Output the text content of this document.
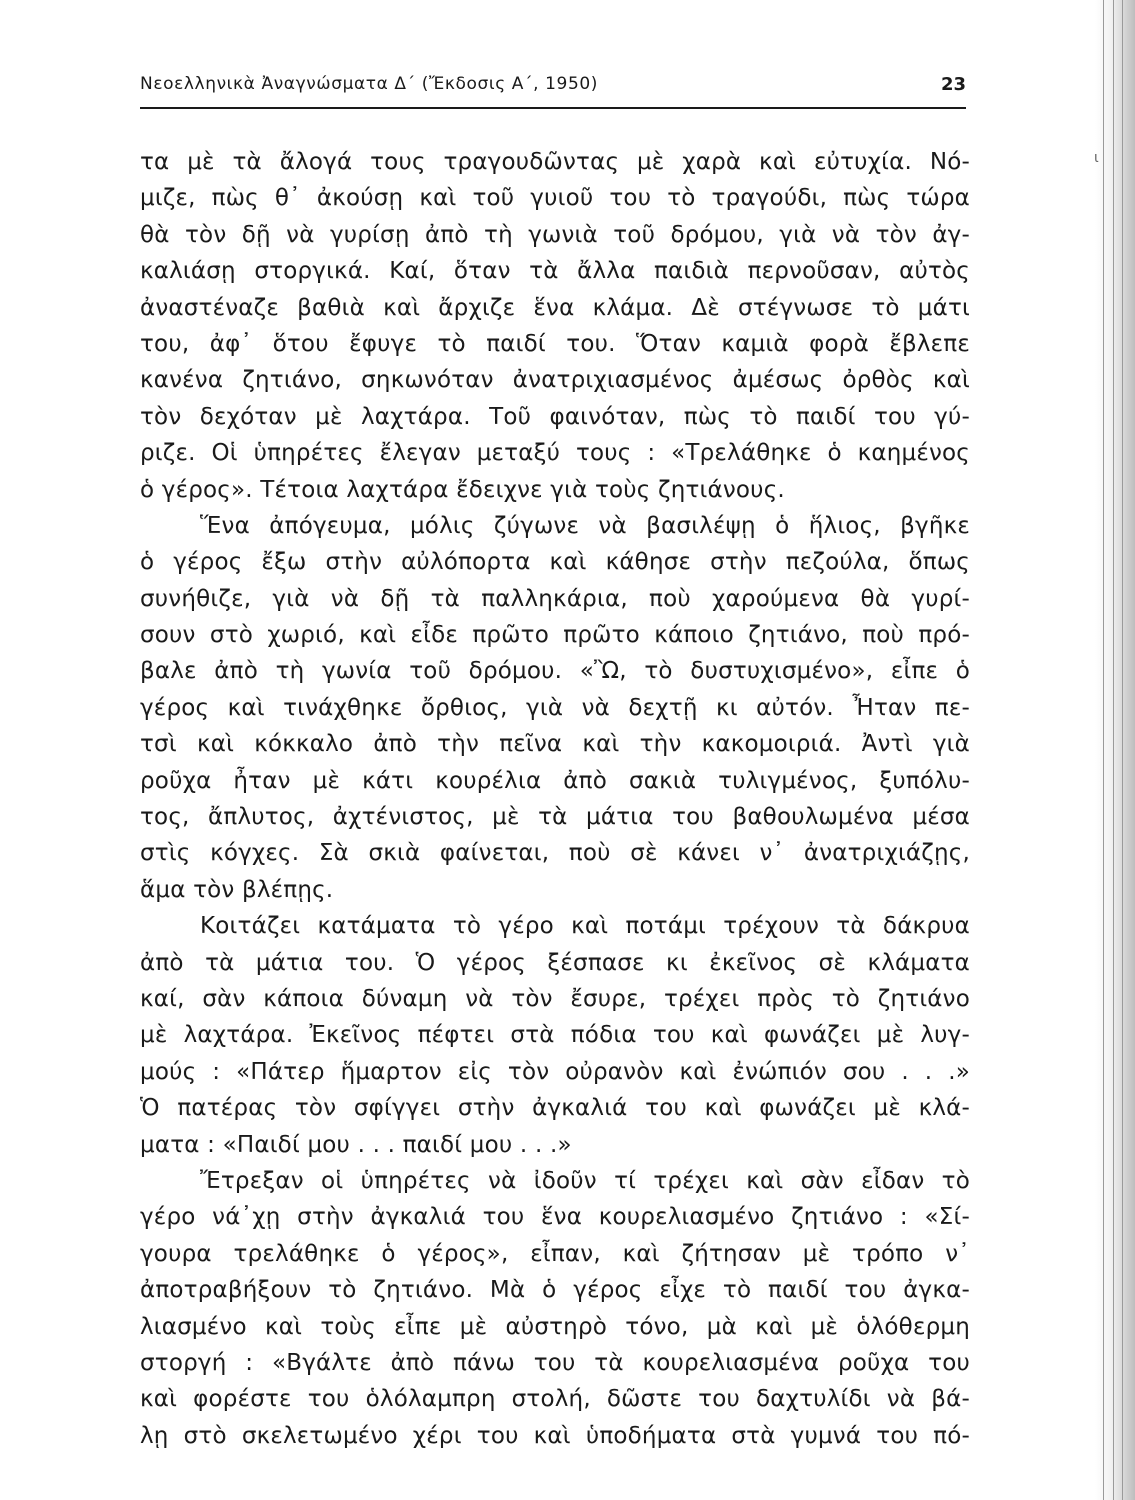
Νεοελληνικὰ Ἀναγνώσματα Δ΄ (Ἔκδοσις Α΄, 1950)	23
ι
τα μὲ τὰ ἄλογά τους τραγουδῶντας μὲ χαρὰ καὶ εὐτυχία. Νό-
μιζε, πὼς θ᾿ ἀκούσῃ καὶ τοῦ γυιοῦ του τὸ τραγούδι, πὼς τώρα
θὰ τὸν δῇ νὰ γυρίσῃ ἀπὸ τὴ γωνιὰ τοῦ δρόμου, γιὰ νὰ τὸν ἀγ-
καλιάσῃ στοργικά. Καί, ὅταν τὰ ἄλλα παιδιὰ περνοῦσαν, αὐτὸς
ἀναστέναζε βαθιὰ καὶ ἄρχιζε ἕνα κλάμα. Δὲ στέγνωσε τὸ μάτι
του, ἀφ᾿ ὅτου ἔφυγε τὸ παιδί του. Ὅταν καμιὰ φορὰ ἔβλεπε
κανένα ζητιάνο, σηκωνόταν ἀνατριχιασμένος ἀμέσως ὀρθὸς καὶ
τὸν δεχόταν μὲ λαχτάρα. Τοῦ φαινόταν, πὼς τὸ παιδί του γύ-
ριζε. Οἱ ὑπηρέτες ἔλεγαν μεταξύ τους : «Τρελάθηκε ὁ καημένος
ὁ γέρος». Τέτοια λαχτάρα ἔδειχνε γιὰ τοὺς ζητιάνους.
Ἕνα ἀπόγευμα, μόλις ζύγωνε νὰ βασιλέψῃ ὁ ἥλιος, βγῆκε
ὁ γέρος ἔξω στὴν αὐλόπορτα καὶ κάθησε στὴν πεζούλα, ὅπως
συνήθιζε, γιὰ νὰ δῇ τὰ παλληκάρια, ποὺ χαρούμενα θὰ γυρί-
σουν στὸ χωριό, καὶ εἶδε πρῶτο πρῶτο κάποιο ζητιάνο, ποὺ πρό-
βαλε ἀπὸ τὴ γωνία τοῦ δρόμου. «Ὢ, τὸ δυστυχισμένο», εἶπε ὁ
γέρος καὶ τινάχθηκε ὄρθιος, γιὰ νὰ δεχτῇ κι αὐτόν. Ἦταν πε-
τσὶ καὶ κόκκαλο ἀπὸ τὴν πεῖνα καὶ τὴν κακομοιριά. Ἀντὶ γιὰ
ροῦχα ἦταν μὲ κάτι κουρέλια ἀπὸ σακιὰ τυλιγμένος, ξυπόλυ-
τος, ἄπλυτος, ἀχτένιστος, μὲ τὰ μάτια του βαθουλωμένα μέσα
στὶς κόγχες. Σὰ σκιὰ φαίνεται, ποὺ σὲ κάνει ν᾿ ἀνατριχιάζῃς,
ἅμα τὸν βλέπῃς.
Κοιτάζει κατάματα τὸ γέρο καὶ ποτάμι τρέχουν τὰ δάκρυα
ἀπὸ τὰ μάτια του. Ὁ γέρος ξέσπασε κι ἐκεῖνος σὲ κλάματα
καί, σὰν κάποια δύναμη νὰ τὸν ἔσυρε, τρέχει πρὸς τὸ ζητιάνο
μὲ λαχτάρα. Ἐκεῖνος πέφτει στὰ πόδια του καὶ φωνάζει μὲ λυγ-
μούς : «Πάτερ ἥμαρτον εἰς τὸν οὐρανὸν καὶ ἐνώπιόν σου . . .»
Ὁ πατέρας τὸν σφίγγει στὴν ἀγκαλιά του καὶ φωνάζει μὲ κλά-
ματα : «Παιδί μου . . . παιδί μου . . .»
Ἔτρεξαν οἱ ὑπηρέτες νὰ ἰδοῦν τί τρέχει καὶ σὰν εἶδαν τὸ
γέρο νά᾿χῃ στὴν ἀγκαλιά του ἕνα κουρελιασμένο ζητιάνο : «Σί-
γουρα τρελάθηκε ὁ γέρος», εἶπαν, καὶ ζήτησαν μὲ τρόπο ν᾿
ἀποτραβήξουν τὸ ζητιάνο. Μὰ ὁ γέρος εἶχε τὸ παιδί του ἀγκα-
λιασμένο καὶ τοὺς εἶπε μὲ αὐστηρὸ τόνο, μὰ καὶ μὲ ὁλόθερμη
στοργή : «Βγάλτε ἀπὸ πάνω του τὰ κουρελιασμένα ροῦχα του
καὶ φορέστε του ὁλόλαμπρη στολή, δῶστε του δαχτυλίδι νὰ βά-
λῃ στὸ σκελετωμένο χέρι του καὶ ὑποδήματα στὰ γυμνά του πό-
